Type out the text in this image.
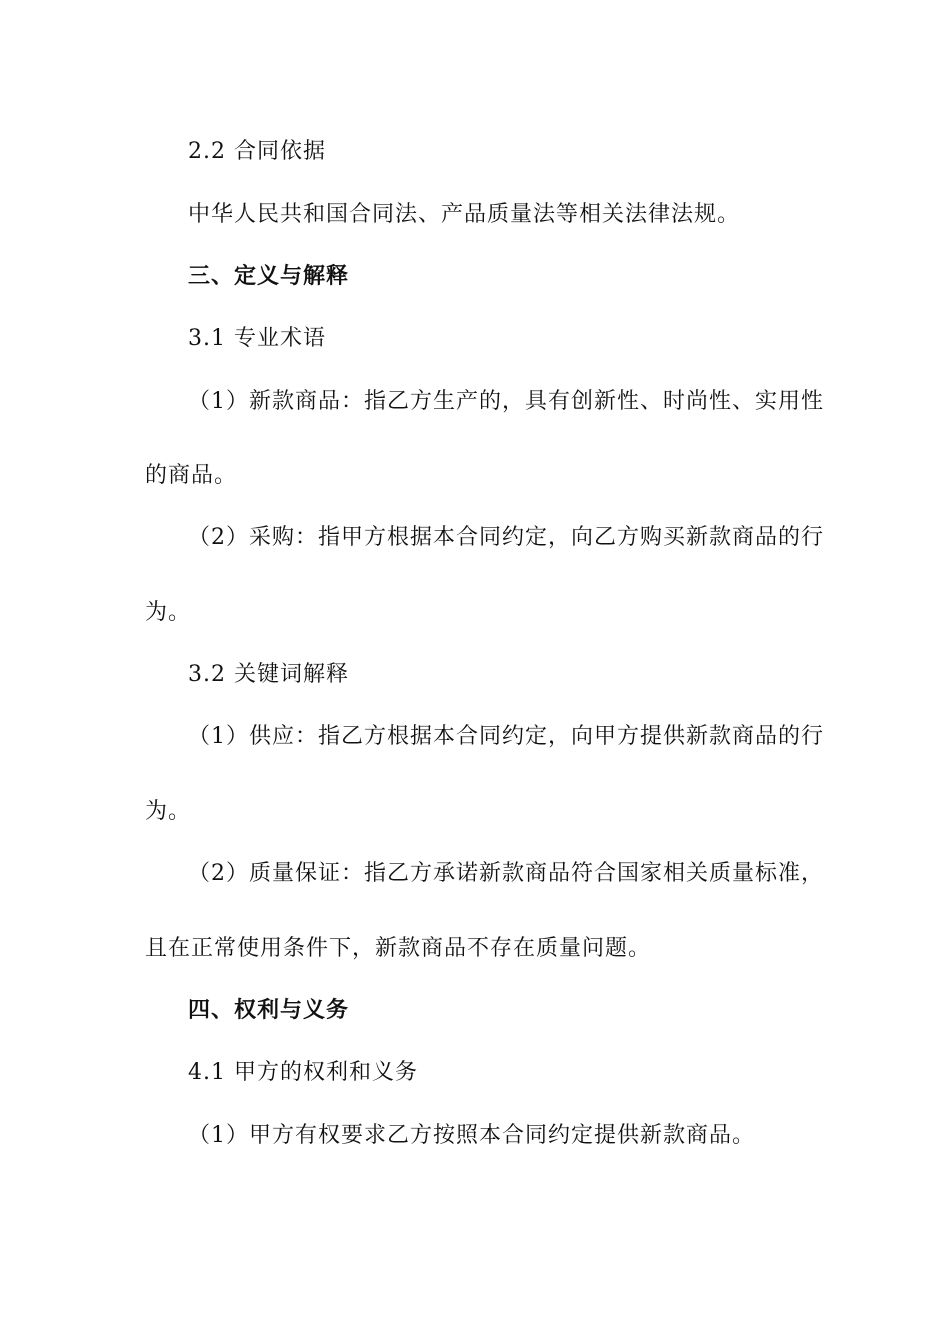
2.2 合同依据
中华人民共和国合同法、产品质量法等相关法律法规。
三、定义与解释
3.1 专业术语
（1）新款商品：指乙方生产的，具有创新性、时尚性、实用性
的商品。
（2）采购：指甲方根据本合同约定，向乙方购买新款商品的行
为。
3.2 关键词解释
（1）供应：指乙方根据本合同约定，向甲方提供新款商品的行
为。
（2）质量保证：指乙方承诺新款商品符合国家相关质量标准，
且在正常使用条件下，新款商品不存在质量问题。
四、权利与义务
4.1 甲方的权利和义务
（1）甲方有权要求乙方按照本合同约定提供新款商品。
